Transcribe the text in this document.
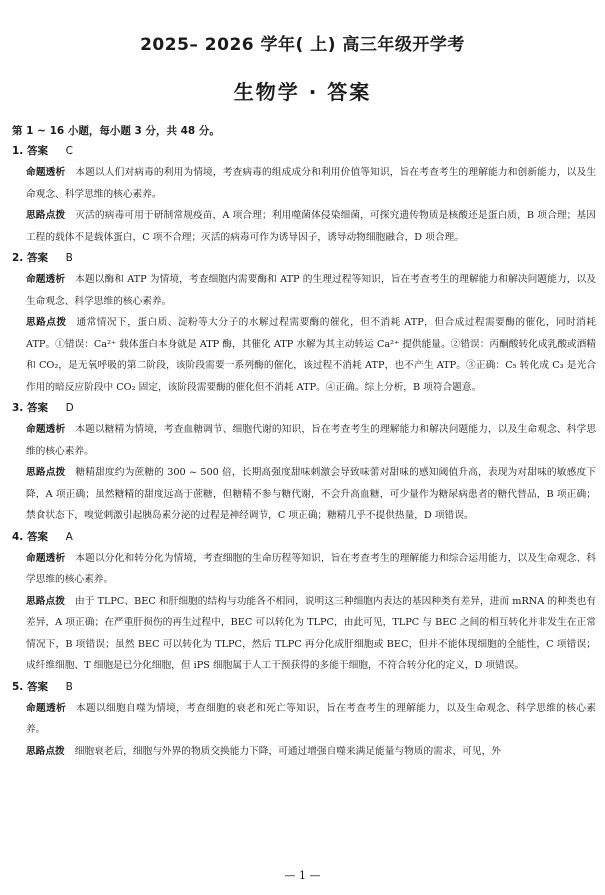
2025– 2026 学年( 上) 高三年级开学考
生物学 · 答案
第 1 ~ 16 小题，每小题 3 分，共 48 分。
1. 答案 C

命题透析 本题以人们对病毒的利用为情境，考查病毒的组成成分和利用价值等知识，旨在考查考生的理解能力和创新能力，以及生命观念、科学思维的核心素养。

思路点拨 灭活的病毒可用于研制常规疫苗，A 项合理；利用噬菌体侵染细菌，可探究遗传物质是核酸还是蛋白质，B 项合理；基因工程的载体不是载体蛋白，C 项不合理；灭活的病毒可作为诱导因子，诱导动物细胞融合，D 项合理。

2. 答案 B

命题透析 本题以酶和 ATP 为情境，考查细胞内需要酶和 ATP 的生理过程等知识，旨在考查考生的理解能力和解决问题能力，以及生命观念、科学思维的核心素养。

思路点拨 通常情况下，蛋白质、淀粉等大分子的水解过程需要酶的催化，但不消耗 ATP，但合成过程需要酶的催化，同时消耗 ATP。①错误：Ca²⁺ 载体蛋白本身就是 ATP 酶，其催化 ATP 水解为其主动转运 Ca²⁺ 提供能量。②错误：丙酮酸转化成乳酸或酒精和 CO₂，是无氧呼吸的第二阶段，该阶段需要一系列酶的催化，该过程不消耗 ATP，也不产生 ATP。③正确：C₅ 转化成 C₃ 是光合作用的暗反应阶段中 CO₂ 固定，该阶段需要酶的催化但不消耗 ATP。④正确。综上分析，B 项符合题意。

3. 答案 D

命题透析 本题以糖精为情境，考查血糖调节、细胞代谢的知识，旨在考查考生的理解能力和解决问题能力，以及生命观念、科学思维的核心素养。

思路点拨 糖精甜度约为蔗糖的 300 ~ 500 倍，长期高强度甜味刺激会导致味蕾对甜味的感知阈值升高，表现为对甜味的敏感度下降，A 项正确；虽然糖精的甜度远高于蔗糖，但糖精不参与糖代谢，不会升高血糖，可少量作为糖尿病患者的糖代替品，B 项正确；禁食状态下，嗅觉刺激引起胰岛素分泌的过程是神经调节，C 项正确；糖精几乎不提供热量，D 项错误。

4. 答案 A

命题透析 本题以分化和转分化为情境，考查细胞的生命历程等知识，旨在考查考生的理解能力和综合运用能力，以及生命观念、科学思维的核心素养。

思路点拨 由于 TLPC、BEC 和肝细胞的结构与功能各不相同，说明这三种细胞内表达的基因种类有差异，进而 mRNA 的种类也有差异，A 项正确；在严重肝损伤的再生过程中，BEC 可以转化为 TLPC，由此可见，TLPC 与 BEC 之间的相互转化并非发生在正常情况下，B 项错误；虽然 BEC 可以转化为 TLPC，然后 TLPC 再分化成肝细胞或 BEC，但并不能体现细胞的全能性，C 项错误；成纤维细胞、T 细胞是已分化细胞，但 iPS 细胞属于人工干预获得的多能干细胞，不符合转分化的定义，D 项错误。

5. 答案 B

命题透析 本题以细胞自噬为情境，考查细胞的衰老和死亡等知识，旨在考查考生的理解能力，以及生命观念、科学思维的核心素养。

思路点拨 细胞衰老后，细胞与外界的物质交换能力下降，可通过增强自噬来满足能量与物质的需求，可见，外

— 1 —
